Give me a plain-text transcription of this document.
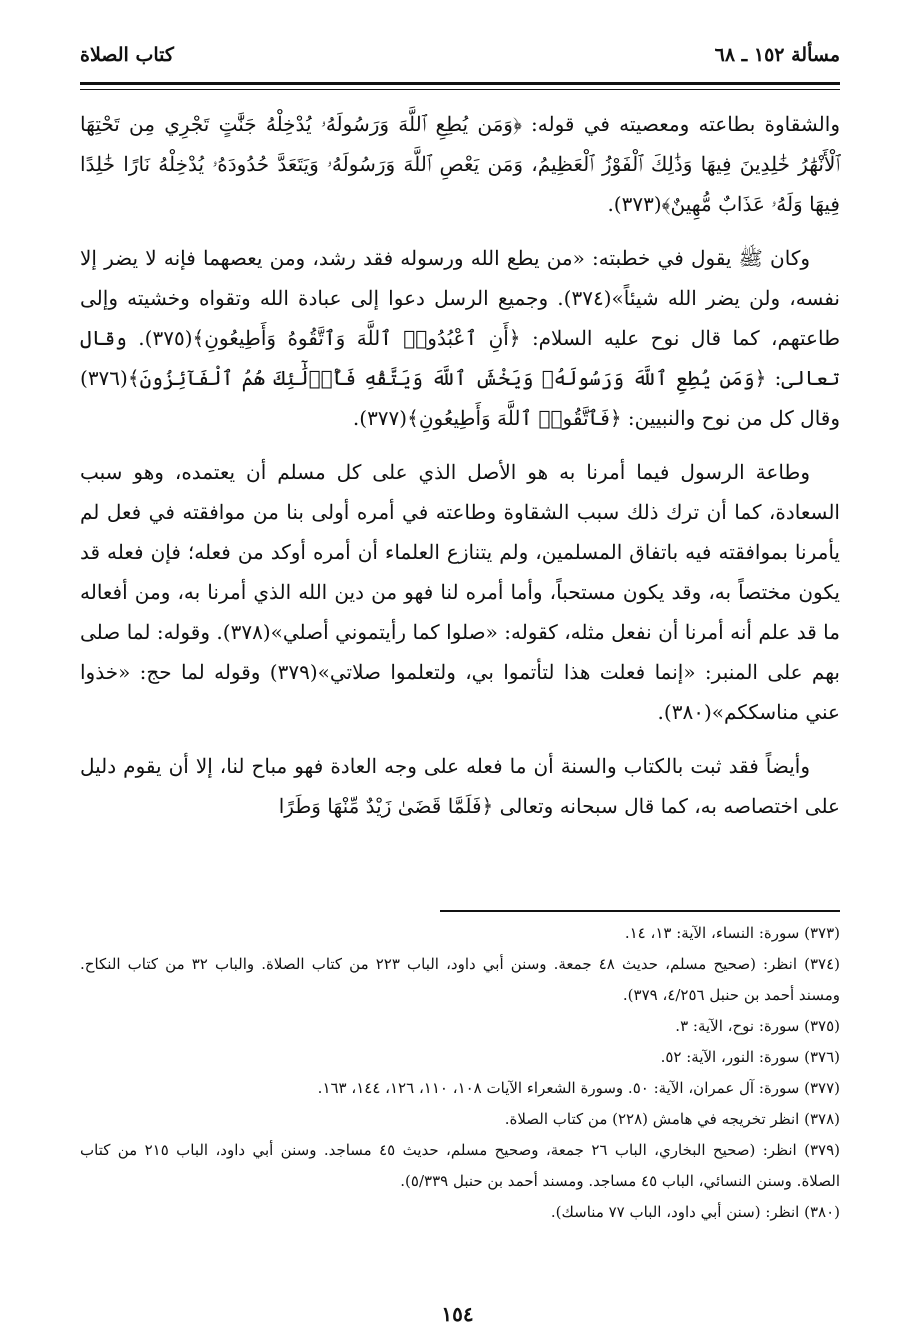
كتاب الصلاة	مسألة ١٥٢ ـ ٦٨

والشقاوة بطاعته ومعصيته في قوله: ﴿وَمَن يُطِعِ ٱللَّهَ وَرَسُولَهُۥ يُدْخِلْهُ جَنَّٰتٍ تَجْرِي مِن تَحْتِهَا ٱلْأَنْهَٰرُ خَٰلِدِينَ فِيهَا وَذَٰلِكَ ٱلْفَوْزُ ٱلْعَظِيمُ، وَمَن يَعْصِ ٱللَّهَ وَرَسُولَهُۥ وَيَتَعَدَّ حُدُودَهُۥ يُدْخِلْهُ نَارًا خَٰلِدًا فِيهَا وَلَهُۥ عَذَابٌ مُّهِينٌ﴾(٣٧٣).

وكان ﷺ يقول في خطبته: «من يطع الله ورسوله فقد رشد، ومن يعصهما فإنه لا يضر إلا نفسه، ولن يضر الله شيئاً»(٣٧٤). وجميع الرسل دعوا إلى عبادة الله وتقواه وخشيته وإلى طاعتهم، كما قال نوح عليه السلام: ﴿أَنِ ٱعْبُدُوا۟ ٱللَّهَ وَٱتَّقُوهُ وَأَطِيعُونِ﴾(٣٧٥). وقال تعالى: ﴿وَمَن يُطِعِ ٱللَّهَ وَرَسُولَهُۥ وَيَخْشَ ٱللَّهَ وَيَتَّقْهِ فَأُو۟لَٰٓئِكَ هُمُ ٱلْفَآئِزُونَ﴾(٣٧٦) وقال كل من نوح والنبيين: ﴿فَٱتَّقُوا۟ ٱللَّهَ وَأَطِيعُونِ﴾(٣٧٧).

وطاعة الرسول فيما أمرنا به هو الأصل الذي على كل مسلم أن يعتمده، وهو سبب السعادة، كما أن ترك ذلك سبب الشقاوة وطاعته في أمره أولى بنا من موافقته في فعل لم يأمرنا بموافقته فيه باتفاق المسلمين، ولم يتنازع العلماء أن أمره أوكد من فعله؛ فإن فعله قد يكون مختصاً به، وقد يكون مستحباً، وأما أمره لنا فهو من دين الله الذي أمرنا به، ومن أفعاله ما قد علم أنه أمرنا أن نفعل مثله، كقوله: «صلوا كما رأيتموني أصلي»(٣٧٨). وقوله: لما صلى بهم على المنبر: «إنما فعلت هذا لتأتموا بي، ولتعلموا صلاتي»(٣٧٩) وقوله لما حج: «خذوا عني مناسككم»(٣٨٠).

وأيضاً فقد ثبت بالكتاب والسنة أن ما فعله على وجه العادة فهو مباح لنا، إلا أن يقوم دليل على اختصاصه به، كما قال سبحانه وتعالى ﴿فَلَمَّا قَضَىٰ زَيْدٌ مِّنْهَا وَطَرًا

(٣٧٣) سورة: النساء، الآية: ١٣، ١٤.

(٣٧٤) انظر: (صحيح مسلم، حديث ٤٨ جمعة. وسنن أبي داود، الباب ٢٢٣ من كتاب الصلاة. والباب ٣٢ من كتاب النكاح. ومسند أحمد بن حنبل ٤/٢٥٦، ٣٧٩).

(٣٧٥) سورة: نوح، الآية: ٣.

(٣٧٦) سورة: النور، الآية: ٥٢.

(٣٧٧) سورة: آل عمران، الآية: ٥٠. وسورة الشعراء الآيات ١٠٨، ١١٠، ١٢٦، ١٤٤، ١٦٣.

(٣٧٨) انظر تخريجه في هامش (٢٢٨) من كتاب الصلاة.

(٣٧٩) انظر: (صحيح البخاري، الباب ٢٦ جمعة، وصحيح مسلم، حديث ٤٥ مساجد. وسنن أبي داود، الباب ٢١٥ من كتاب الصلاة. وسنن النسائي، الباب ٤٥ مساجد. ومسند أحمد بن حنبل ٥/٣٣٩).

(٣٨٠) انظر: (سنن أبي داود، الباب ٧٧ مناسك).

١٥٤
